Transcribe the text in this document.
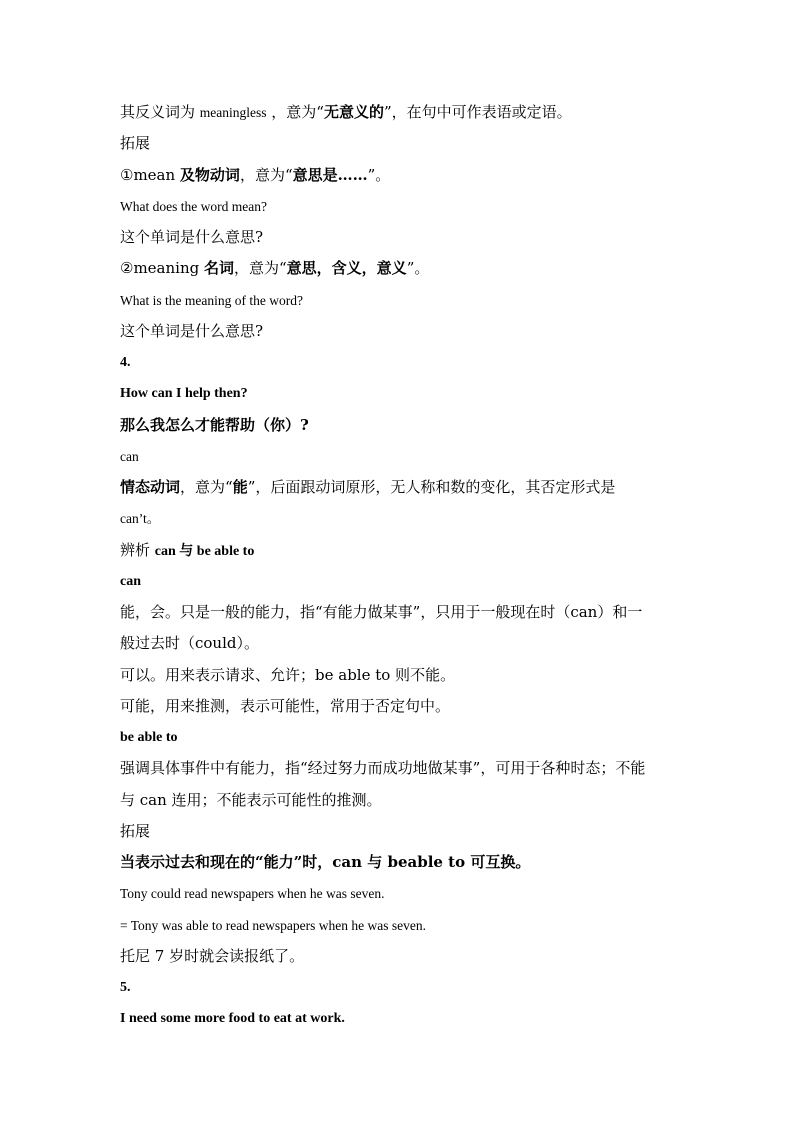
其反义词为 meaningless ，意为“无意义的”，在句中可作表语或定语。
拓展
①mean 及物动词，意为“意思是……”。
What does the word mean?
这个单词是什么意思?
②meaning 名词，意为“意思，含义，意义”。
What is the meaning of the word?
这个单词是什么意思?
4.
How can I help then?
那么我怎么才能帮助（你）?
can
情态动词，意为“能”，后面跟动词原形，无人称和数的变化，其否定形式是
can’t。
辨析 can 与 be able to
can
能，会。只是一般的能力，指“有能力做某事”，只用于一般现在时（can）和一
般过去时（could）。
可以。用来表示请求、允许；be able to 则不能。
可能，用来推测，表示可能性，常用于否定句中。
be able to
强调具体事件中有能力，指“经过努力而成功地做某事”，可用于各种时态；不能
与 can 连用；不能表示可能性的推测。
拓展
当表示过去和现在的“能力”时，can 与 beable to 可互换。
Tony could read newspapers when he was seven.
= Tony was able to read newspapers when he was seven.
托尼 7 岁时就会读报纸了。
5.
I need some more food to eat at work.
